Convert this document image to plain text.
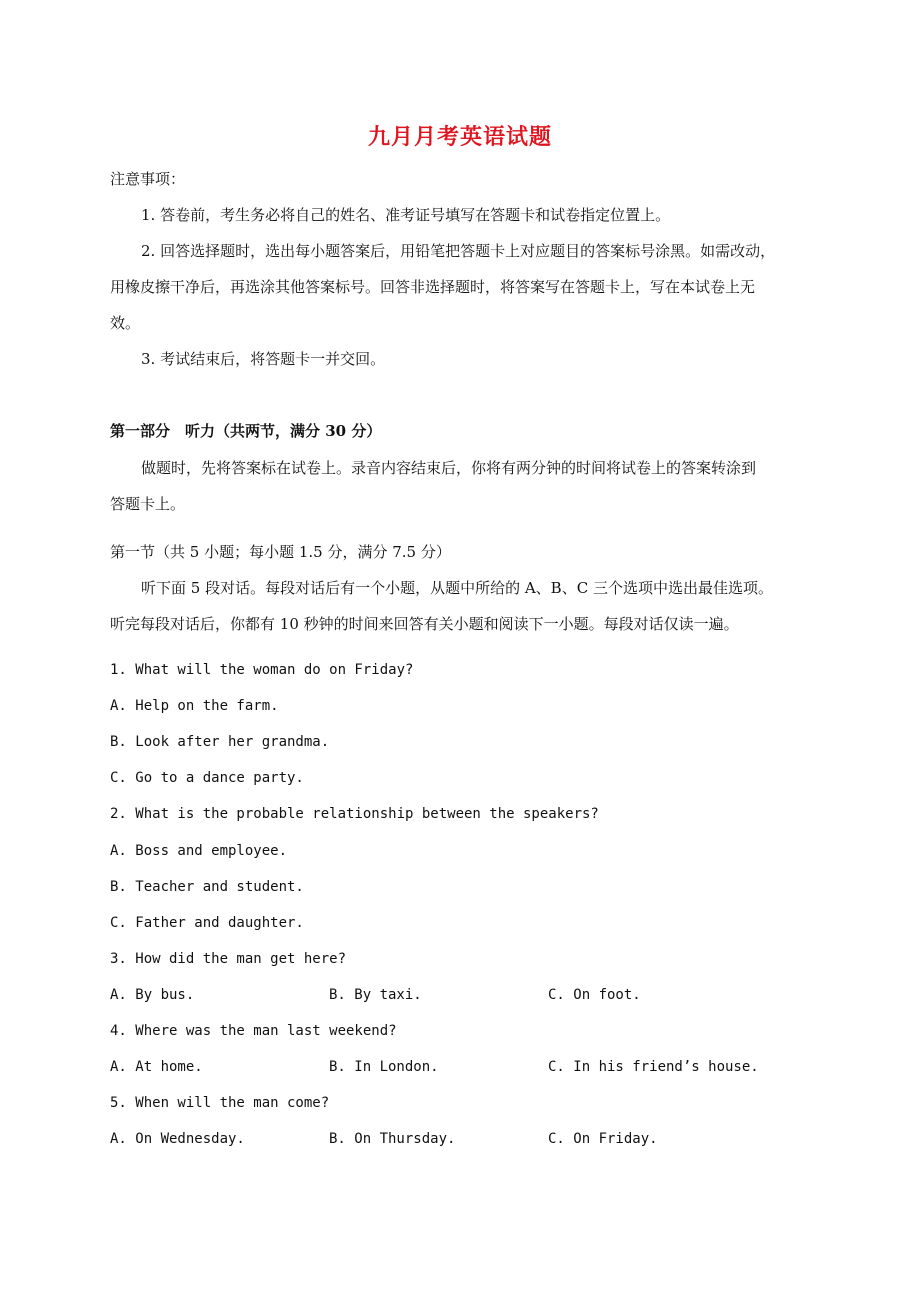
九月月考英语试题
注意事项：
1. 答卷前，考生务必将自己的姓名、准考证号填写在答题卡和试卷指定位置上。
2. 回答选择题时，选出每小题答案后，用铅笔把答题卡上对应题目的答案标号涂黑。如需改动，
用橡皮擦干净后，再选涂其他答案标号。回答非选择题时，将答案写在答题卡上，写在本试卷上无
效。
3. 考试结束后，将答题卡一并交回。
第一部分　听力（共两节，满分 30 分）
做题时，先将答案标在试卷上。录音内容结束后，你将有两分钟的时间将试卷上的答案转涂到
答题卡上。
第一节（共 5 小题；每小题 1.5 分，满分 7.5 分）
听下面 5 段对话。每段对话后有一个小题，从题中所给的 A、B、C 三个选项中选出最佳选项。
听完每段对话后，你都有 10 秒钟的时间来回答有关小题和阅读下一小题。每段对话仅读一遍。
1. What will the woman do on Friday?
A. Help on the farm.
B. Look after her grandma.
C. Go to a dance party.
2. What is the probable relationship between the speakers?
A. Boss and employee.
B. Teacher and student.
C. Father and daughter.
3. How did the man get here?
A. By bus.	B. By taxi.	C. On foot.
4. Where was the man last weekend?
A. At home.	B. In London.	C. In his friend’s house.
5. When will the man come?
A. On Wednesday.	B. On Thursday.	C. On Friday.
